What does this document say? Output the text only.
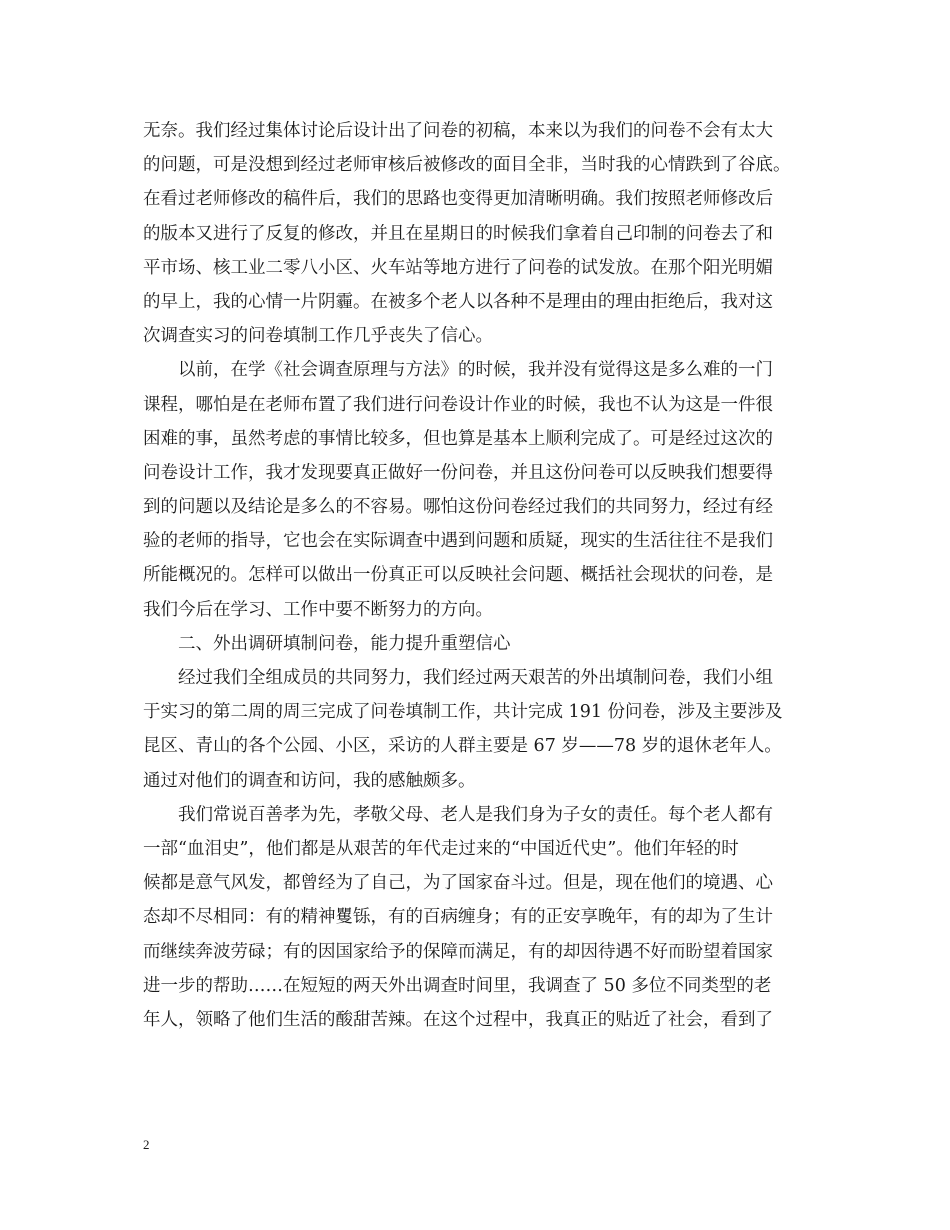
无奈。我们经过集体讨论后设计出了问卷的初稿，本来以为我们的问卷不会有太大
的问题，可是没想到经过老师审核后被修改的面目全非，当时我的心情跌到了谷底。
在看过老师修改的稿件后，我们的思路也变得更加清晰明确。我们按照老师修改后
的版本又进行了反复的修改，并且在星期日的时候我们拿着自己印制的问卷去了和
平市场、核工业二零八小区、火车站等地方进行了问卷的试发放。在那个阳光明媚
的早上，我的心情一片阴霾。在被多个老人以各种不是理由的理由拒绝后，我对这
次调查实习的问卷填制工作几乎丧失了信心。
以前，在学《社会调查原理与方法》的时候，我并没有觉得这是多么难的一门
课程，哪怕是在老师布置了我们进行问卷设计作业的时候，我也不认为这是一件很
困难的事，虽然考虑的事情比较多，但也算是基本上顺利完成了。可是经过这次的
问卷设计工作，我才发现要真正做好一份问卷，并且这份问卷可以反映我们想要得
到的问题以及结论是多么的不容易。哪怕这份问卷经过我们的共同努力，经过有经
验的老师的指导，它也会在实际调查中遇到问题和质疑，现实的生活往往不是我们
所能概况的。怎样可以做出一份真正可以反映社会问题、概括社会现状的问卷，是
我们今后在学习、工作中要不断努力的方向。
二、外出调研填制问卷，能力提升重塑信心
经过我们全组成员的共同努力，我们经过两天艰苦的外出填制问卷，我们小组
于实习的第二周的周三完成了问卷填制工作，共计完成 191 份问卷，涉及主要涉及
昆区、青山的各个公园、小区，采访的人群主要是 67 岁——78 岁的退休老年人。
通过对他们的调查和访问，我的感触颇多。
我们常说百善孝为先，孝敬父母、老人是我们身为子女的责任。每个老人都有
一部“血泪史”，他们都是从艰苦的年代走过来的“中国近代史”。他们年轻的时
候都是意气风发，都曾经为了自己，为了国家奋斗过。但是，现在他们的境遇、心
态却不尽相同：有的精神矍铄，有的百病缠身；有的正安享晚年，有的却为了生计
而继续奔波劳碌；有的因国家给予的保障而满足，有的却因待遇不好而盼望着国家
进一步的帮助……在短短的两天外出调查时间里，我调查了 50 多位不同类型的老
年人，领略了他们生活的酸甜苦辣。在这个过程中，我真正的贴近了社会，看到了
2
